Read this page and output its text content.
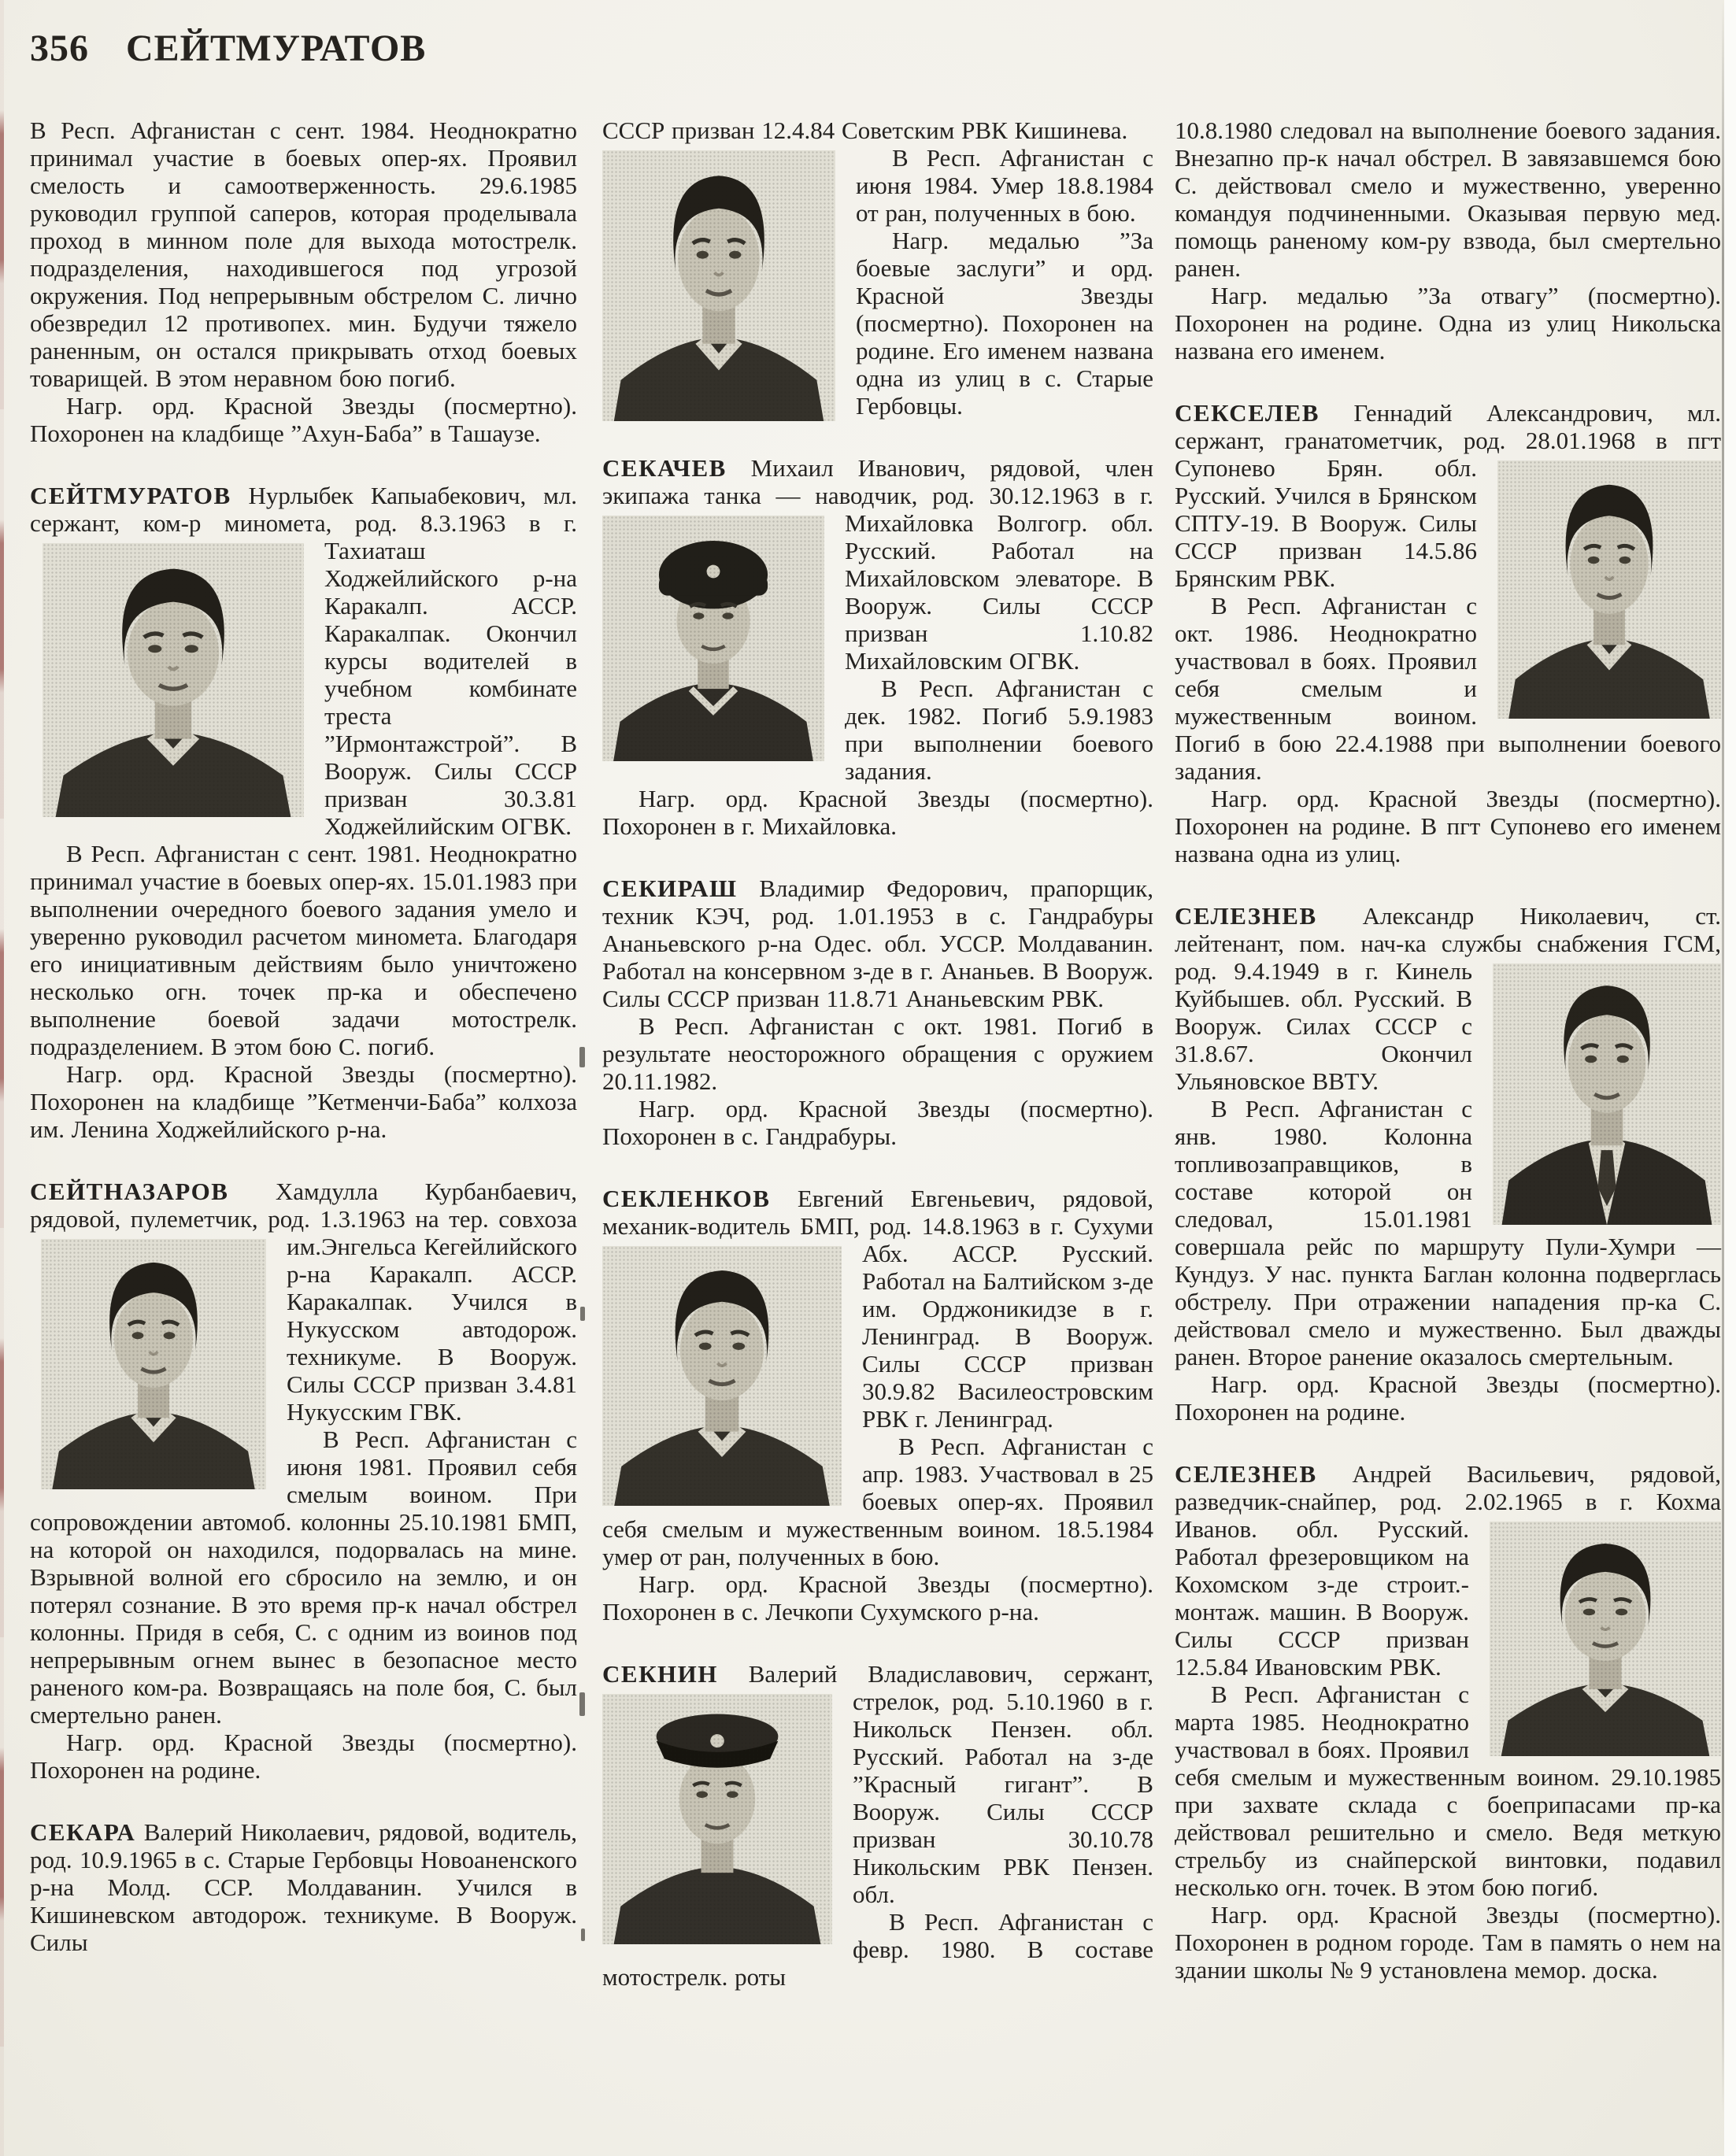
356 СЕЙТМУРАТОВ

В Респ. Афганистан с сент. 1984. Неоднократно принимал участие в боевых опер-ях. Проявил смелость и самоотверженность. 29.6.1985 руководил группой саперов, которая проделывала проход в минном поле для выхода мотострелк. подразделения, находившегося под угрозой окружения. Под непрерывным обстрелом С. лично обезвредил 12 противопех. мин. Будучи тяжело раненным, он остался прикрывать отход боевых товарищей. В этом неравном бою погиб.

Нагр. орд. Красной Звезды (посмертно). Похоронен на кладбище ”Ахун-Баба” в Ташаузе.

СЕЙТМУРАТОВ Нурлыбек Капыабекович, мл. сержант, ком-р миномета, род. 8.3.1963 в г. Тахиаташ Ходжейлийского р-на Каракалп. АССР. Каракалпак. Окончил курсы водителей в учебном комбинате треста ”Ирмонтажстрой”. В Вооруж. Силы СССР призван 30.3.81 Ходжейлийским ОГВК.

В Респ. Афганистан с сент. 1981. Неоднократно принимал участие в боевых опер-ях. 15.01.1983 при выполнении очередного боевого задания умело и уверенно руководил расчетом миномета. Благодаря его инициативным действиям было уничтожено несколько огн. точек пр-ка и обеспечено выполнение боевой задачи мотострелк. подразделением. В этом бою С. погиб.

Нагр. орд. Красной Звезды (посмертно). Похоронен на кладбище ”Кетменчи-Баба” колхоза им. Ленина Ходжейлийского р-на.

СЕЙТНАЗАРОВ Хамдулла Курбанбаевич, рядовой, пулеметчик, род. 1.3.1963 на тер. совхоза им.Энгельса Кегейлийского р-на Каракалп. АССР. Каракалпак. Учился в Нукусском автодорож. техникуме. В Вооруж. Силы СССР призван 3.4.81 Нукусским ГВК.

В Респ. Афганистан с июня 1981. Проявил себя смелым воином. При сопровождении автомоб. колонны 25.10.1981 БМП, на которой он находился, подорвалась на мине. Взрывной волной его сбросило на землю, и он потерял сознание. В это время пр-к начал обстрел колонны. Придя в себя, С. с одним из воинов под непрерывным огнем вынес в безопасное место раненого ком-ра. Возвращаясь на поле боя, С. был смертельно ранен.

Нагр. орд. Красной Звезды (посмертно). Похоронен на родине.

СЕКАРА Валерий Николаевич, рядовой, водитель, род. 10.9.1965 в с. Старые Гербовцы Новоаненского р-на Молд. ССР. Молдаванин. Учился в Кишиневском автодорож. техникуме. В Вооруж. Силы

СССР призван 12.4.84 Советским РВК Кишинева.

В Респ. Афганистан с июня 1984. Умер 18.8.1984 от ран, полученных в бою.

Нагр. медалью ”За боевые заслуги” и орд. Красной Звезды (посмертно). Похоронен на родине. Его именем названа одна из улиц в с. Старые Гербовцы.

СЕКАЧЕВ Михаил Иванович, рядовой, член экипажа танка — наводчик, род. 30.12.1963 в г. Михайловка Волгогр. обл. Русский. Работал на Михайловском элеваторе. В Вооруж. Силы СССР призван 1.10.82 Михайловским ОГВК.

В Респ. Афганистан с дек. 1982. Погиб 5.9.1983 при выполнении боевого задания.

Нагр. орд. Красной Звезды (посмертно). Похоронен в г. Михайловка.

СЕКИРАШ Владимир Федорович, прапорщик, техник КЭЧ, род. 1.01.1953 в с. Гандрабуры Ананьевского р-на Одес. обл. УССР. Молдаванин. Работал на консервном з-де в г. Ананьев. В Вооруж. Силы СССР призван 11.8.71 Ананьевским РВК.

В Респ. Афганистан с окт. 1981. Погиб в результате неосторожного обращения с оружием 20.11.1982.

Нагр. орд. Красной Звезды (посмертно). Похоронен в с. Гандрабуры.

СЕКЛЕНКОВ Евгений Евгеньевич, рядовой, механик-водитель БМП, род. 14.8.1963 в г. Сухуми Абх. АССР. Русский. Работал на Балтийском з-де им. Орджоникидзе в г. Ленинград. В Вооруж. Силы СССР призван 30.9.82 Василеостровским РВК г. Ленинград.

В Респ. Афганистан с апр. 1983. Участвовал в 25 боевых опер-ях. Проявил себя смелым и мужественным воином. 18.5.1984 умер от ран, полученных в бою.

Нагр. орд. Красной Звезды (посмертно). Похоронен в с. Лечкопи Сухумского р-на.

СЕКНИН Валерий Владиславович, сержант, стрелок, род. 5.10.1960 в г. Никольск Пензен. обл. Русский. Работал на з-де ”Красный гигант”. В Вооруж. Силы СССР призван 30.10.78 Никольским РВК Пензен. обл.

В Респ. Афганистан с февр. 1980. В составе мотострелк. роты

10.8.1980 следовал на выполнение боевого задания. Внезапно пр-к начал обстрел. В завязавшемся бою С. действовал смело и мужественно, уверенно командуя подчиненными. Оказывая первую мед. помощь раненому ком-ру взвода, был смертельно ранен.

Нагр. медалью ”За отвагу” (посмертно). Похоронен на родине. Одна из улиц Никольска названа его именем.

СЕКСЕЛЕВ Геннадий Александрович, мл. сержант, гранатометчик, род. 28.01.1968 в пгт Супонево Брян. обл. Русский. Учился в Брянском СПТУ-19. В Вооруж. Силы СССР призван 14.5.86 Брянским РВК.

В Респ. Афганистан с окт. 1986. Неоднократно участвовал в боях. Проявил себя смелым и мужественным воином. Погиб в бою 22.4.1988 при выполнении боевого задания.

Нагр. орд. Красной Звезды (посмертно). Похоронен на родине. В пгт Супонево его именем названа одна из улиц.

СЕЛЕЗНЕВ Александр Николаевич, ст. лейтенант, пом. нач-ка службы снабжения ГСМ, род. 9.4.1949 в г. Кинель Куйбышев. обл. Русский. В Вооруж. Силах СССР с 31.8.67. Окончил Ульяновское ВВТУ.

В Респ. Афганистан с янв. 1980. Колонна топливозаправщиков, в составе которой он следовал, 15.01.1981 совершала рейс по маршруту Пули-Хумри — Кундуз. У нас. пункта Баглан колонна подверглась обстрелу. При отражении нападения пр-ка С. действовал смело и мужественно. Был дважды ранен. Второе ранение оказалось смертельным.

Нагр. орд. Красной Звезды (посмертно). Похоронен на родине.

СЕЛЕЗНЕВ Андрей Васильевич, рядовой, разведчик-снайпер, род. 2.02.1965 в г. Кохма Иванов. обл. Русский. Работал фрезеровщиком на Кохомском з-де строит.-монтаж. машин. В Вооруж. Силы СССР призван 12.5.84 Ивановским РВК.

В Респ. Афганистан с марта 1985. Неоднократно участвовал в боях. Проявил себя смелым и мужественным воином. 29.10.1985 при захвате склада с боеприпасами пр-ка действовал решительно и смело. Ведя меткую стрельбу из снайперской винтовки, подавил несколько огн. точек. В этом бою погиб.

Нагр. орд. Красной Звезды (посмертно). Похоронен в родном городе. Там в память о нем на здании школы № 9 установлена мемор. доска.
